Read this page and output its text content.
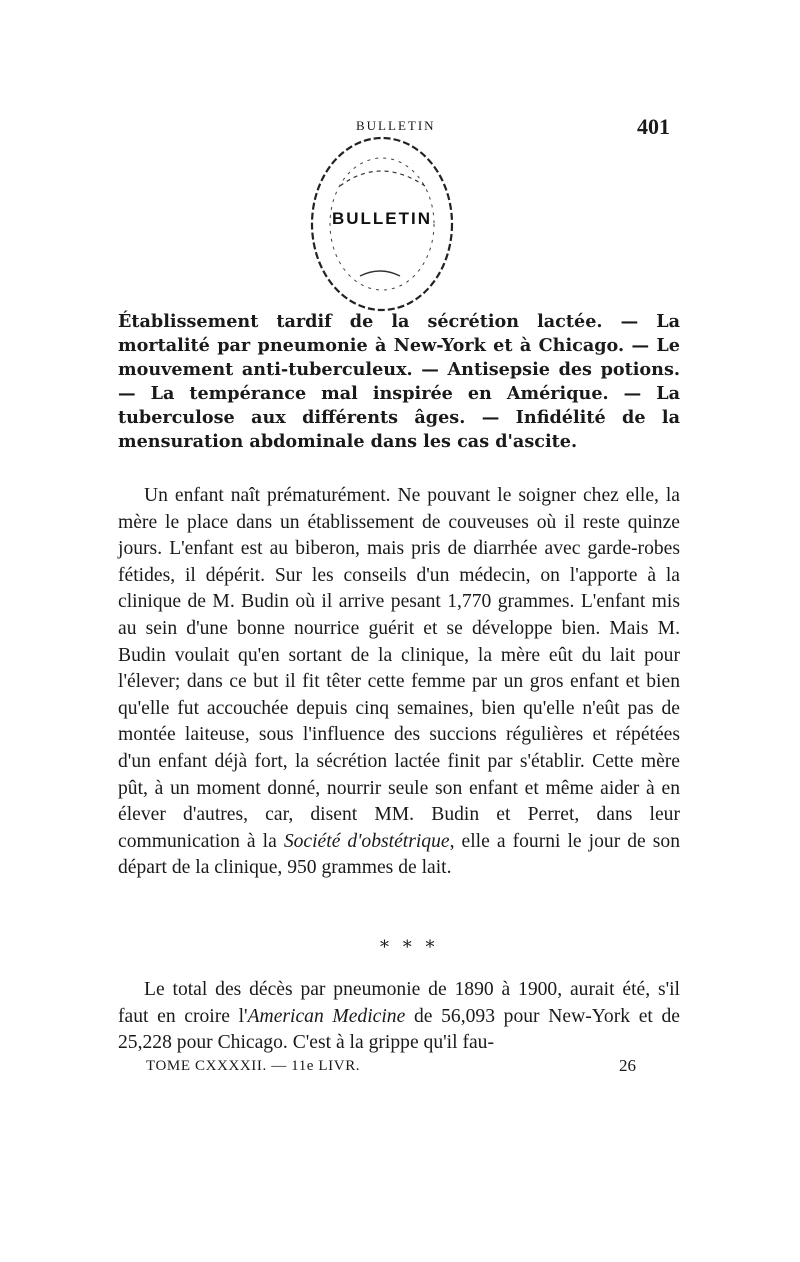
BULLETIN	401
BULLETIN

Établissement tardif de la sécrétion lactée. — La mortalité par pneumonie à New-York et à Chicago. — Le mouvement anti-tuberculeux. — Antisepsie des potions. — La tempérance mal inspirée en Amérique. — La tuberculose aux différents âges. — Infidélité de la mensuration abdominale dans les cas d'ascite.

Un enfant naît prématurément. Ne pouvant le soigner chez elle, la mère le place dans un établissement de couveuses où il reste quinze jours. L'enfant est au biberon, mais pris de diarrhée avec garde-robes fétides, il dépérit. Sur les conseils d'un médecin, on l'apporte à la clinique de M. Budin où il arrive pesant 1,770 grammes. L'enfant mis au sein d'une bonne nourrice guérit et se développe bien. Mais M. Budin voulait qu'en sortant de la clinique, la mère eût du lait pour l'élever; dans ce but il fit têter cette femme par un gros enfant et bien qu'elle fut accouchée depuis cinq semaines, bien qu'elle n'eût pas de montée laiteuse, sous l'influence des succions régulières et répétées d'un enfant déjà fort, la sécrétion lactée finit par s'établir. Cette mère pût, à un moment donné, nourrir seule son enfant et même aider à en élever d'autres, car, disent MM. Budin et Perret, dans leur communication à la Société d'obstétrique, elle a fourni le jour de son départ de la clinique, 950 grammes de lait.

* * *

Le total des décès par pneumonie de 1890 à 1900, aurait été, s'il faut en croire l'American Medicine de 56,093 pour New-York et de 25,228 pour Chicago. C'est à la grippe qu'il fau-

TOME CXXXXII. — 11e LIVR.	26
